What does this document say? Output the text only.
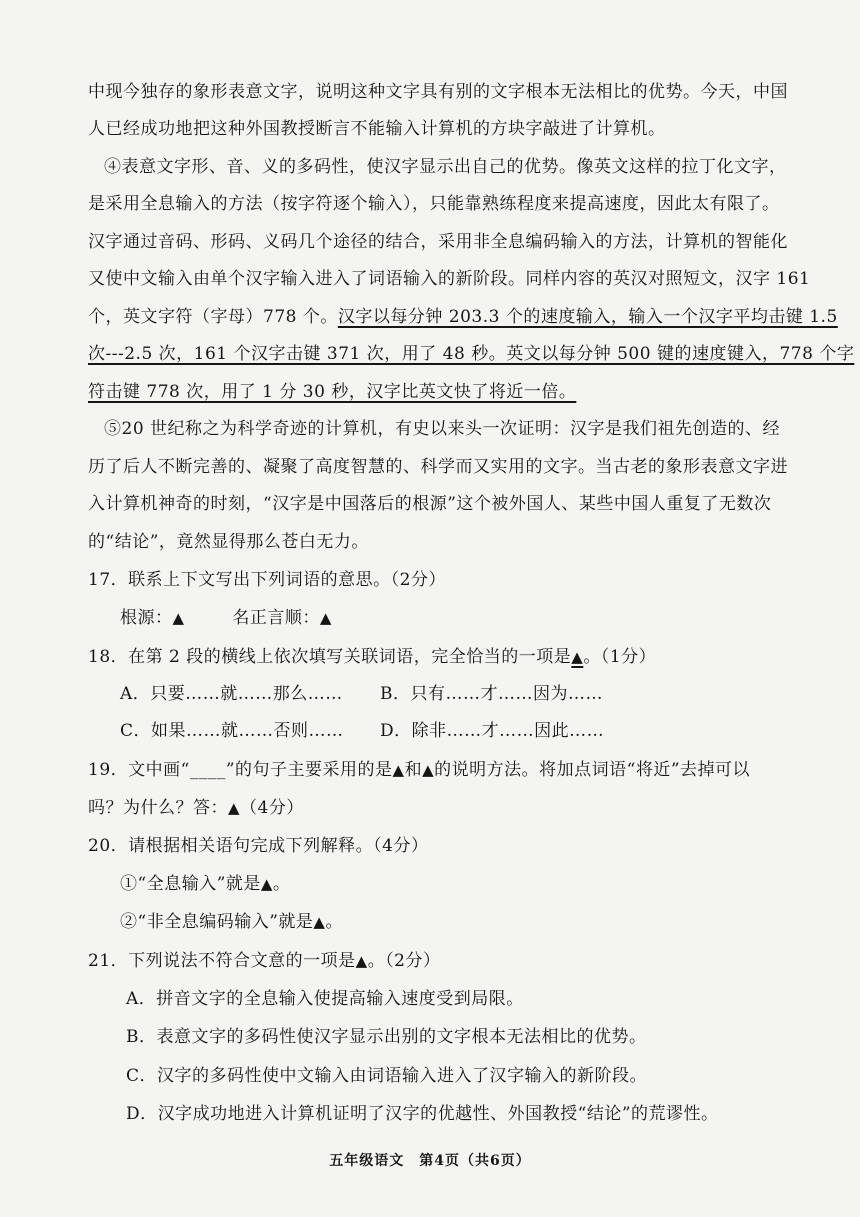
中现今独存的象形表意文字，说明这种文字具有别的文字根本无法相比的优势。今天，中国
人已经成功地把这种外国教授断言不能输入计算机的方块字敲进了计算机。
④表意文字形、音、义的多码性，使汉字显示出自己的优势。像英文这样的拉丁化文字，
是采用全息输入的方法（按字符逐个输入），只能靠熟练程度来提高速度，因此太有限了。
汉字通过音码、形码、义码几个途径的结合，采用非全息编码输入的方法，计算机的智能化
又使中文输入由单个汉字输入进入了词语输入的新阶段。同样内容的英汉对照短文，汉字 161
个，英文字符（字母）778 个。汉字以每分钟 203.3 个的速度输入，输入一个汉字平均击键 1.5
次---2.5 次，161 个汉字击键 371 次，用了 48 秒。英文以每分钟 500 键的速度键入，778 个字
符击键 778 次，用了 1 分 30 秒，汉字比英文快了将近一倍。
⑤20 世纪称之为科学奇迹的计算机，有史以来头一次证明：汉字是我们祖先创造的、经
历了后人不断完善的、凝聚了高度智慧的、科学而又实用的文字。当古老的象形表意文字进
入计算机神奇的时刻，“汉字是中国落后的根源”这个被外国人、某些中国人重复了无数次
的“结论”，竟然显得那么苍白无力。
17．联系上下文写出下列词语的意思。（2分）
根源：▲	名正言顺：▲
18．在第 2 段的横线上依次填写关联词语，完全恰当的一项是▲。（1分）
A．只要……就……那么…… B．只有……才……因为……
C．如果……就……否则…… D．除非……才……因此……
19．文中画“____”的句子主要采用的是▲和▲的说明方法。将加点词语“将近”去掉可以
吗？为什么？答：▲（4分）
20．请根据相关语句完成下列解释。（4分）
①“全息输入”就是▲。
②“非全息编码输入”就是▲。
21．下列说法不符合文意的一项是▲。（2分）
A．拼音文字的全息输入使提高输入速度受到局限。
B．表意文字的多码性使汉字显示出别的文字根本无法相比的优势。
C．汉字的多码性使中文输入由词语输入进入了汉字输入的新阶段。
D．汉字成功地进入计算机证明了汉字的优越性、外国教授“结论”的荒谬性。
五年级语文　第4页（共6页）
